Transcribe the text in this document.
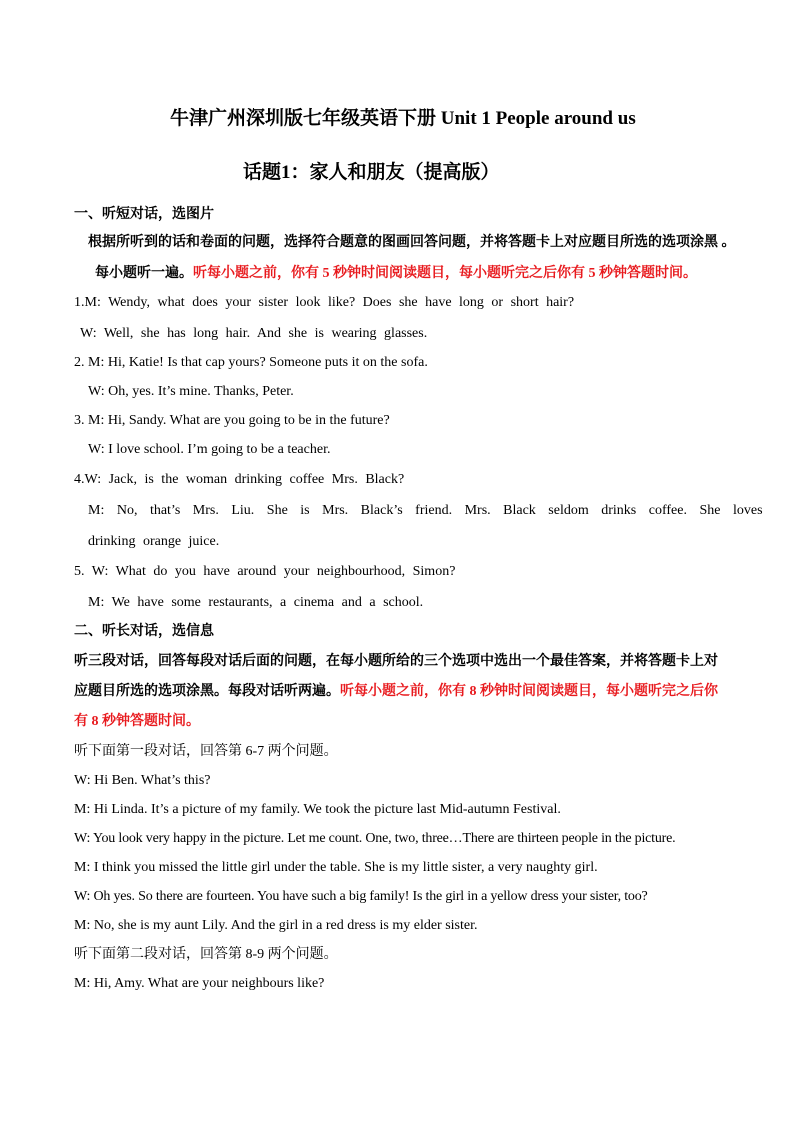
牛津广州深圳版七年级英语下册 Unit 1 People around us
话题1：家人和朋友（提高版）
一、听短对话，选图片
根据所听到的话和卷面的问题，选择符合题意的图画回答问题，并将答题卡上对应题目所选的选项涂黑 。
每小题听一遍。听每小题之前，你有 5 秒钟时间阅读题目，每小题听完之后你有 5 秒钟答题时间。
1.M: Wendy, what does your sister look like? Does she have long or short hair?
W: Well, she has long hair. And she is wearing glasses.
2. M: Hi, Katie! Is that cap yours? Someone puts it on the sofa.
W: Oh, yes. It’s mine. Thanks, Peter.
3. M: Hi, Sandy. What are you going to be in the future?
W: I love school. I’m going to be a teacher.
4.W: Jack, is the woman drinking coffee Mrs. Black?
M: No, that’s Mrs. Liu. She is Mrs. Black’s friend. Mrs. Black seldom drinks coffee. She loves
drinking orange juice.
5. W: What do you have around your neighbourhood, Simon?
M: We have some restaurants, a cinema and a school.
二、听长对话，选信息
听三段对话，回答每段对话后面的问题，在每小题所给的三个选项中选出一个最佳答案，并将答题卡上对
应题目所选的选项涂黑。每段对话听两遍。听每小题之前，你有 8 秒钟时间阅读题目，每小题听完之后你
有 8 秒钟答题时间。
听下面第一段对话，回答第 6-7 两个问题。
W: Hi Ben. What’s this?
M: Hi Linda. It’s a picture of my family. We took the picture last Mid-autumn Festival.
W: You look very happy in the picture. Let me count. One, two, three…There are thirteen people in the picture.
M: I think you missed the little girl under the table. She is my little sister, a very naughty girl.
W: Oh yes. So there are fourteen. You have such a big family! Is the girl in a yellow dress your sister, too?
M: No, she is my aunt Lily. And the girl in a red dress is my elder sister.
听下面第二段对话，回答第 8-9 两个问题。
M: Hi, Amy. What are your neighbours like?
